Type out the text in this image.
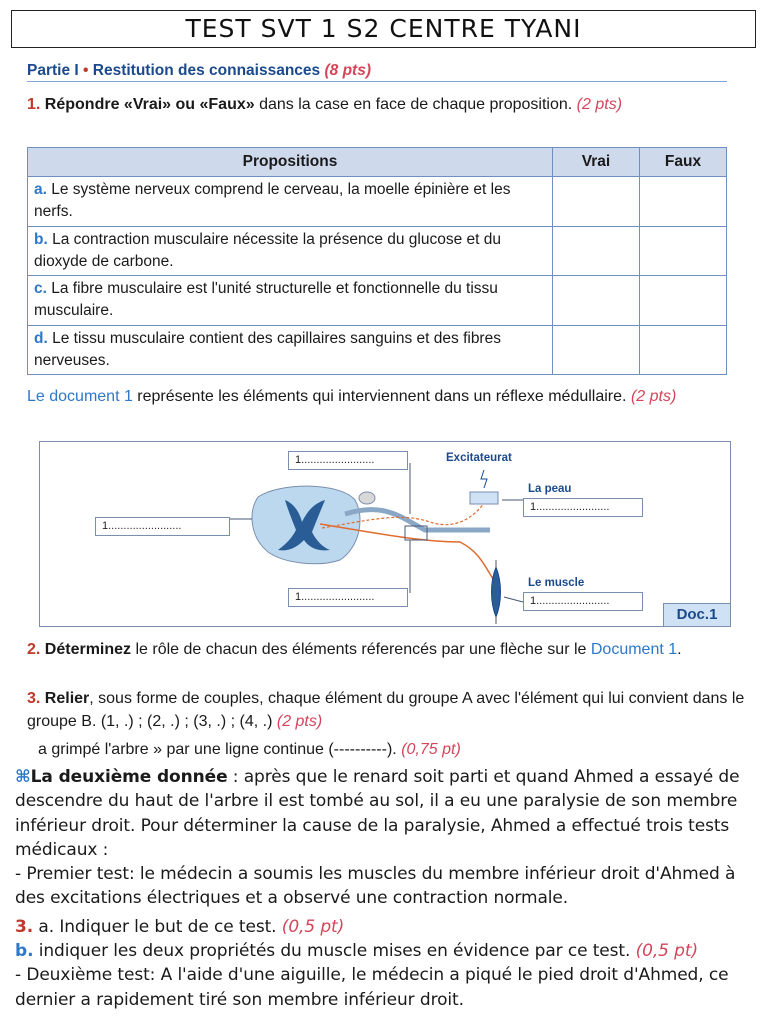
TEST SVT 1 S2 CENTRE TYANI
Partie I • Restitution des connaissances (8 pts)
1. Répondre «Vrai» ou «Faux» dans la case en face de chaque proposition. (2 pts)
Propositions	Vrai	Faux
a. Le système nerveux comprend le cerveau, la moelle épinière et les nerfs.		
b. La contraction musculaire nécessite la présence du glucose et du dioxyde de carbone.		
c. La fibre musculaire est l'unité structurelle et fonctionnelle du tissu musculaire.		
d. Le tissu musculaire contient des capillaires sanguins et des fibres nerveuses.		
Le document 1 représente les éléments qui interviennent dans un réflexe médullaire. (2 pts)
1........................
1........................
1........................
1........................
1........................
Excitateurat
La peau
Le muscle
Doc.1
2. Déterminez le rôle de chacun des éléments réferencés par une flèche sur le Document 1.
3. Relier, sous forme de couples, chaque élément du groupe A avec l'élément qui lui convient dans le groupe B. (1, .) ; (2, .) ; (3, .) ; (4, .) (2 pts)
a grimpé l'arbre » par une ligne continue (----------). (0,75 pt)

⌘La deuxième donnée : après que le renard soit parti et quand Ahmed a essayé de descendre du haut de l'arbre il est tombé au sol, il a eu une paralysie de son membre inférieur droit. Pour déterminer la cause de la paralysie, Ahmed a effectué trois tests médicaux :

- Premier test: le médecin a soumis les muscles du membre inférieur droit d'Ahmed à des excitations électriques et a observé une contraction normale.

3. a. Indiquer le but de ce test. (0,5 pt)

b. indiquer les deux propriétés du muscle mises en évidence par ce test. (0,5 pt)

- Deuxième test: A l'aide d'une aiguille, le médecin a piqué le pied droit d'Ahmed, ce dernier a rapidement tiré son membre inférieur droit.
